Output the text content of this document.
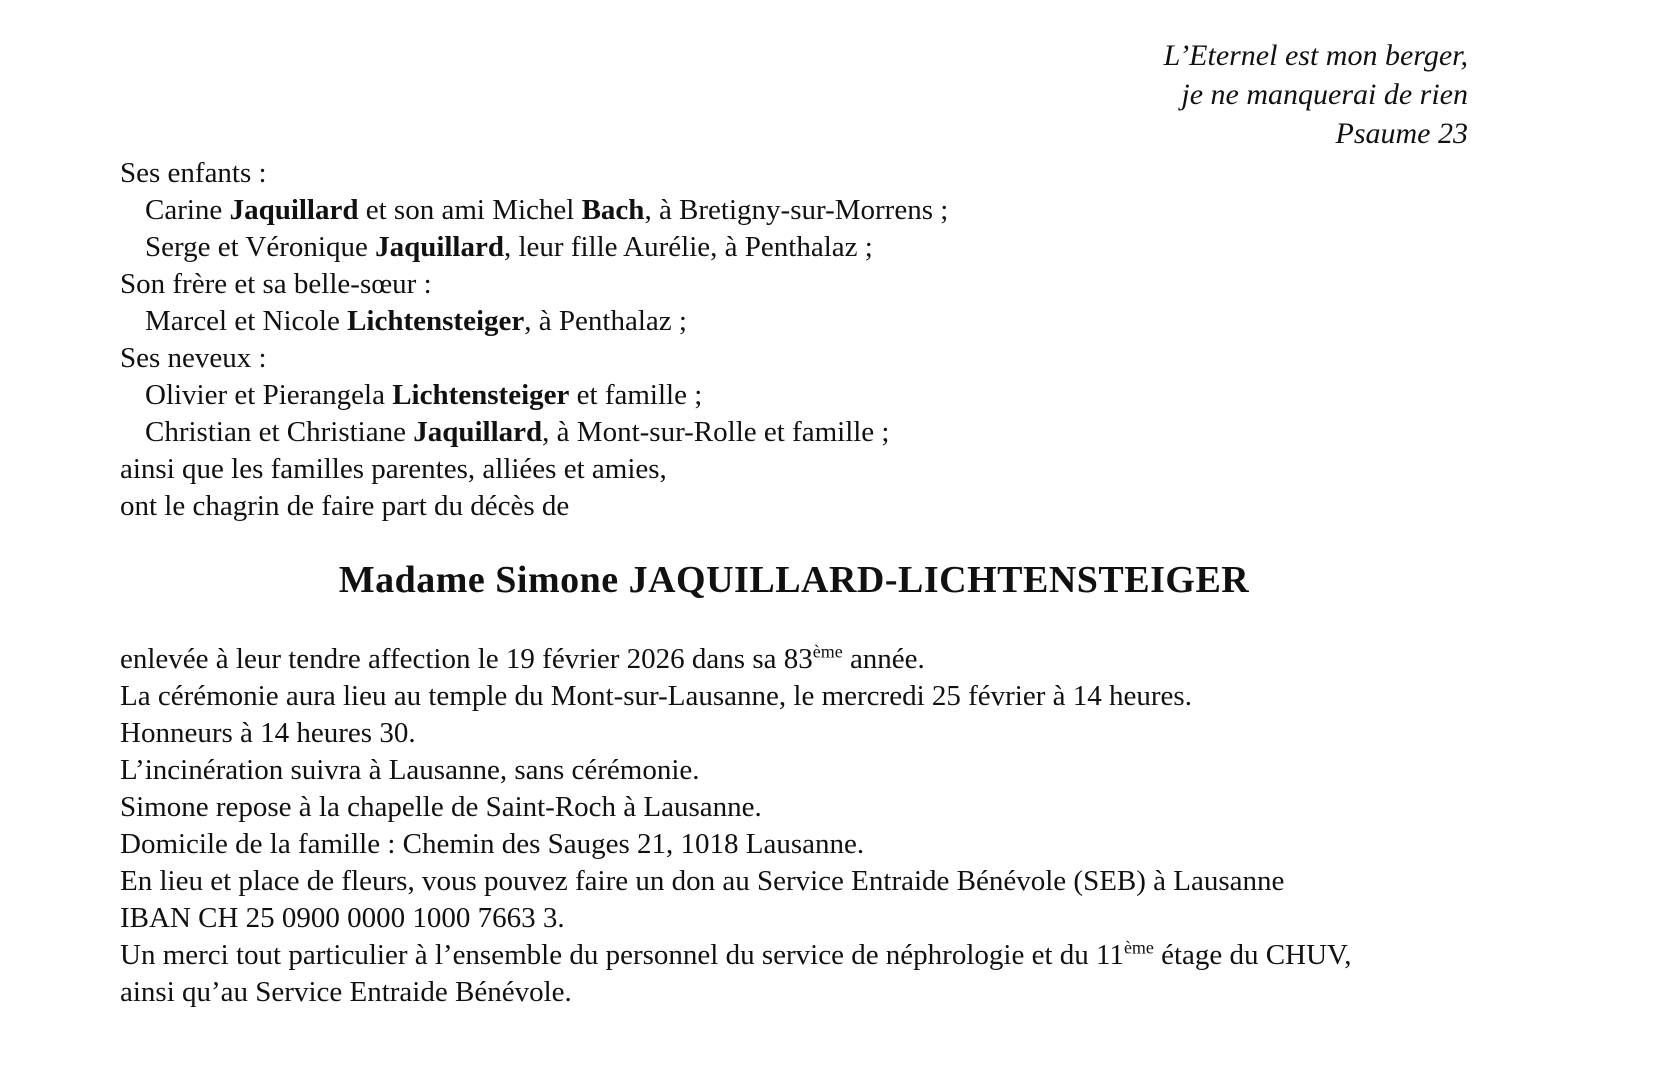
L’Eternel est mon berger,
je ne manquerai de rien
Psaume 23
Ses enfants :
Carine Jaquillard et son ami Michel Bach, à Bretigny-sur-Morrens ;
Serge et Véronique Jaquillard, leur fille Aurélie, à Penthalaz ;
Son frère et sa belle-sœur :
Marcel et Nicole Lichtensteiger, à Penthalaz ;
Ses neveux :
Olivier et Pierangela Lichtensteiger et famille ;
Christian et Christiane Jaquillard, à Mont-sur-Rolle et famille ;
ainsi que les familles parentes, alliées et amies,
ont le chagrin de faire part du décès de
Madame Simone JAQUILLARD-LICHTENSTEIGER
enlevée à leur tendre affection le 19 février 2026 dans sa 83ème année.
La cérémonie aura lieu au temple du Mont-sur-Lausanne, le mercredi 25 février à 14 heures.
Honneurs à 14 heures 30.
L’incinération suivra à Lausanne, sans cérémonie.
Simone repose à la chapelle de Saint-Roch à Lausanne.
Domicile de la famille : Chemin des Sauges 21, 1018 Lausanne.
En lieu et place de fleurs, vous pouvez faire un don au Service Entraide Bénévole (SEB) à Lausanne
IBAN CH 25 0900 0000 1000 7663 3.
Un merci tout particulier à l’ensemble du personnel du service de néphrologie et du 11ème étage du CHUV,
ainsi qu’au Service Entraide Bénévole.
